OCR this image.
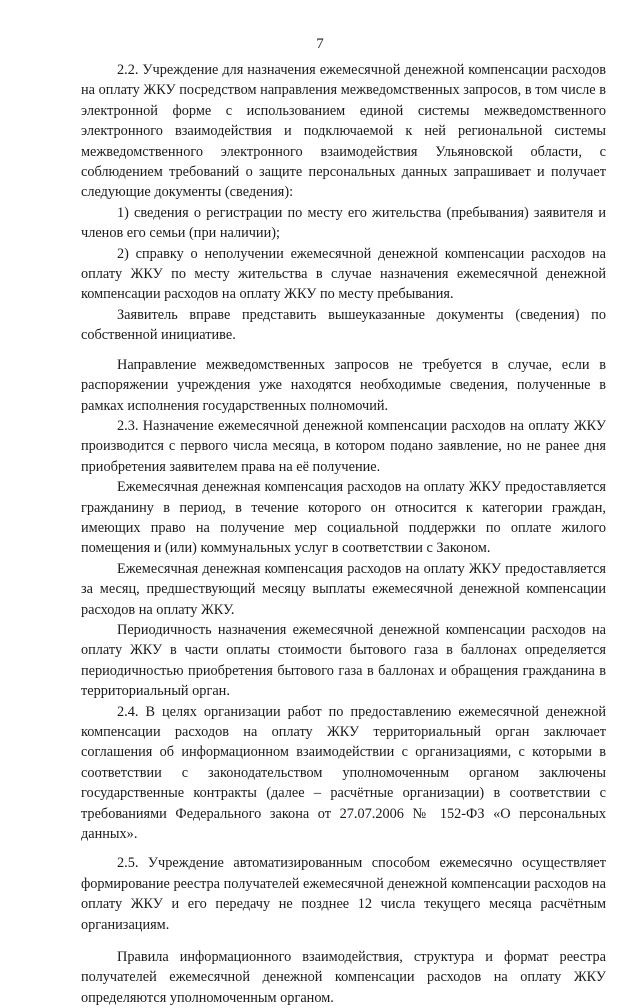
7

2.2. Учреждение для назначения ежемесячной денежной компенсации расходов на оплату ЖКУ посредством направления межведомственных запросов, в том числе в электронной форме с использованием единой системы межведомственного электронного взаимодействия и подключаемой к ней региональной системы межведомственного электронного взаимодействия Ульяновской области, с соблюдением требований о защите персональных данных запрашивает и получает следующие документы (сведения):

1) сведения о регистрации по месту его жительства (пребывания) заявителя и членов его семьи (при наличии);

2) справку о неполучении ежемесячной денежной компенсации расходов на оплату ЖКУ по месту жительства в случае назначения ежемесячной денежной компенсации расходов на оплату ЖКУ по месту пребывания.

Заявитель вправе представить вышеуказанные документы (сведения) по собственной инициативе.

Направление межведомственных запросов не требуется в случае, если в распоряжении учреждения уже находятся необходимые сведения, полученные в рамках исполнения государственных полномочий.

2.3. Назначение ежемесячной денежной компенсации расходов на оплату ЖКУ производится с первого числа месяца, в котором подано заявление, но не ранее дня приобретения заявителем права на её получение.

Ежемесячная денежная компенсация расходов на оплату ЖКУ предоставляется гражданину в период, в течение которого он относится к категории граждан, имеющих право на получение мер социальной поддержки по оплате жилого помещения и (или) коммунальных услуг в соответствии с Законом.

Ежемесячная денежная компенсация расходов на оплату ЖКУ предоставляется за месяц, предшествующий месяцу выплаты ежемесячной денежной компенсации расходов на оплату ЖКУ.

Периодичность назначения ежемесячной денежной компенсации расходов на оплату ЖКУ в части оплаты стоимости бытового газа в баллонах определяется периодичностью приобретения бытового газа в баллонах и обращения гражданина в территориальный орган.

2.4. В целях организации работ по предоставлению ежемесячной денежной компенсации расходов на оплату ЖКУ территориальный орган заключает соглашения об информационном взаимодействии с организациями, с которыми в соответствии с законодательством уполномоченным органом заключены государственные контракты (далее – расчётные организации) в соответствии с требованиями Федерального закона от 27.07.2006 № 152-ФЗ «О персональных данных».

2.5. Учреждение автоматизированным способом ежемесячно осуществляет формирование реестра получателей ежемесячной денежной компенсации расходов на оплату ЖКУ и его передачу не позднее 12 числа текущего месяца расчётным организациям.

Правила информационного взаимодействия, структура и формат реестра получателей ежемесячной денежной компенсации расходов на оплату ЖКУ определяются уполномоченным органом.
